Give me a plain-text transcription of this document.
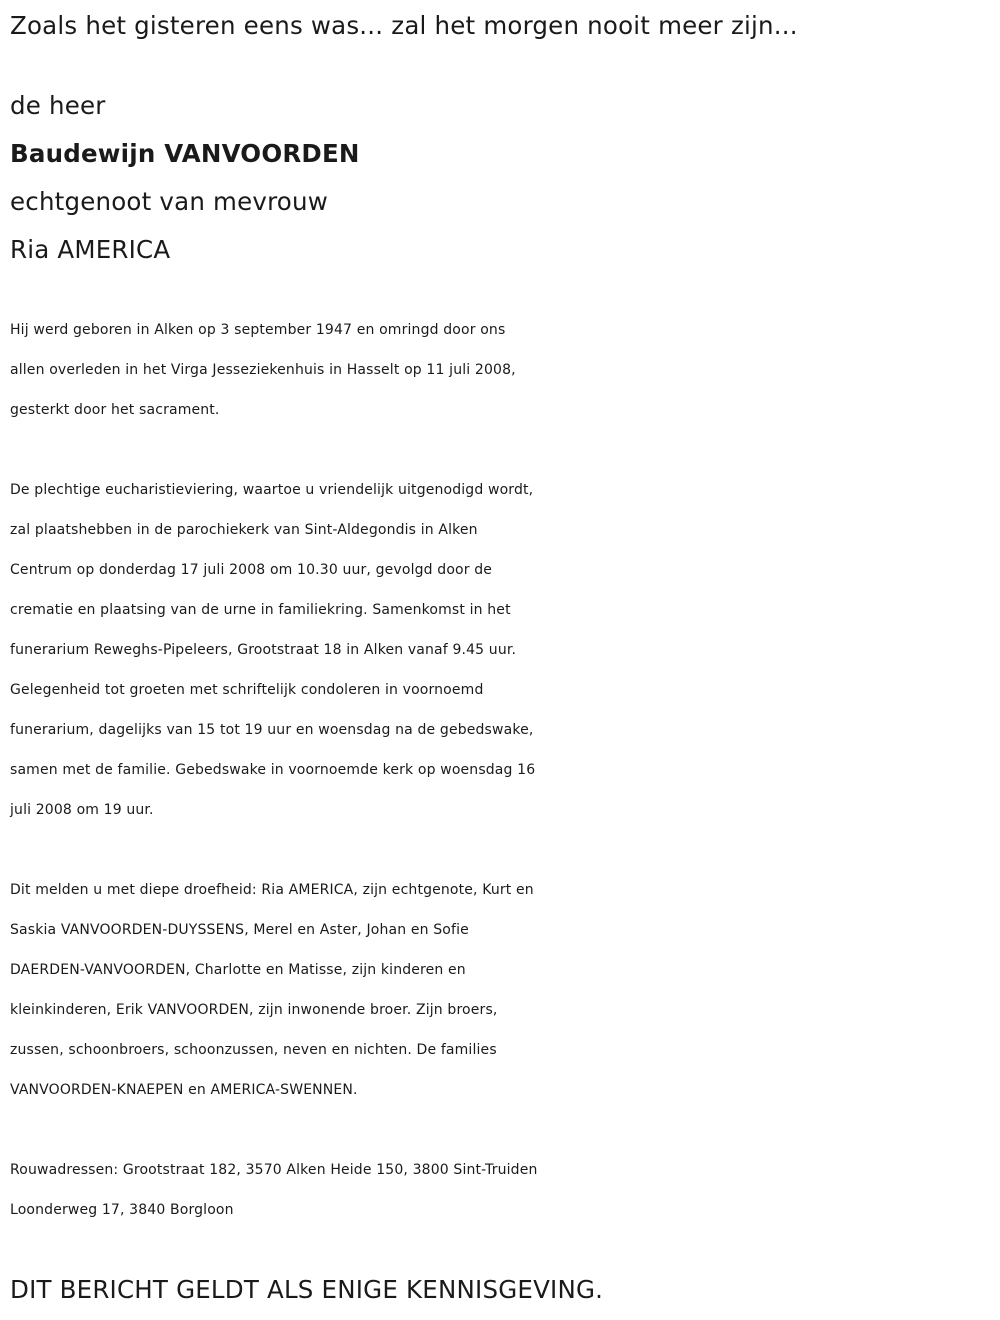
Zoals het gisteren eens was... zal het morgen nooit meer zijn...
de heer
Baudewijn VANVOORDEN
echtgenoot van mevrouw
Ria AMERICA
Hij werd geboren in Alken op 3 september 1947 en omringd door ons
allen overleden in het Virga Jesseziekenhuis in Hasselt op 11 juli 2008,
gesterkt door het sacrament.
De plechtige eucharistieviering, waartoe u vriendelijk uitgenodigd wordt,
zal plaatshebben in de parochiekerk van Sint-Aldegondis in Alken
Centrum op donderdag 17 juli 2008 om 10.30 uur, gevolgd door de
crematie en plaatsing van de urne in familiekring. Samenkomst in het
funerarium Reweghs-Pipeleers, Grootstraat 18 in Alken vanaf 9.45 uur.
Gelegenheid tot groeten met schriftelijk condoleren in voornoemd
funerarium, dagelijks van 15 tot 19 uur en woensdag na de gebedswake,
samen met de familie. Gebedswake in voornoemde kerk op woensdag 16
juli 2008 om 19 uur.
Dit melden u met diepe droefheid: Ria AMERICA, zijn echtgenote, Kurt en
Saskia VANVOORDEN-DUYSSENS, Merel en Aster, Johan en Sofie
DAERDEN-VANVOORDEN, Charlotte en Matisse, zijn kinderen en
kleinkinderen, Erik VANVOORDEN, zijn inwonende broer. Zijn broers,
zussen, schoonbroers, schoonzussen, neven en nichten. De families
VANVOORDEN-KNAEPEN en AMERICA-SWENNEN.
Rouwadressen: Grootstraat 182, 3570 Alken Heide 150, 3800 Sint-Truiden
Loonderweg 17, 3840 Borgloon
DIT BERICHT GELDT ALS ENIGE KENNISGEVING.
